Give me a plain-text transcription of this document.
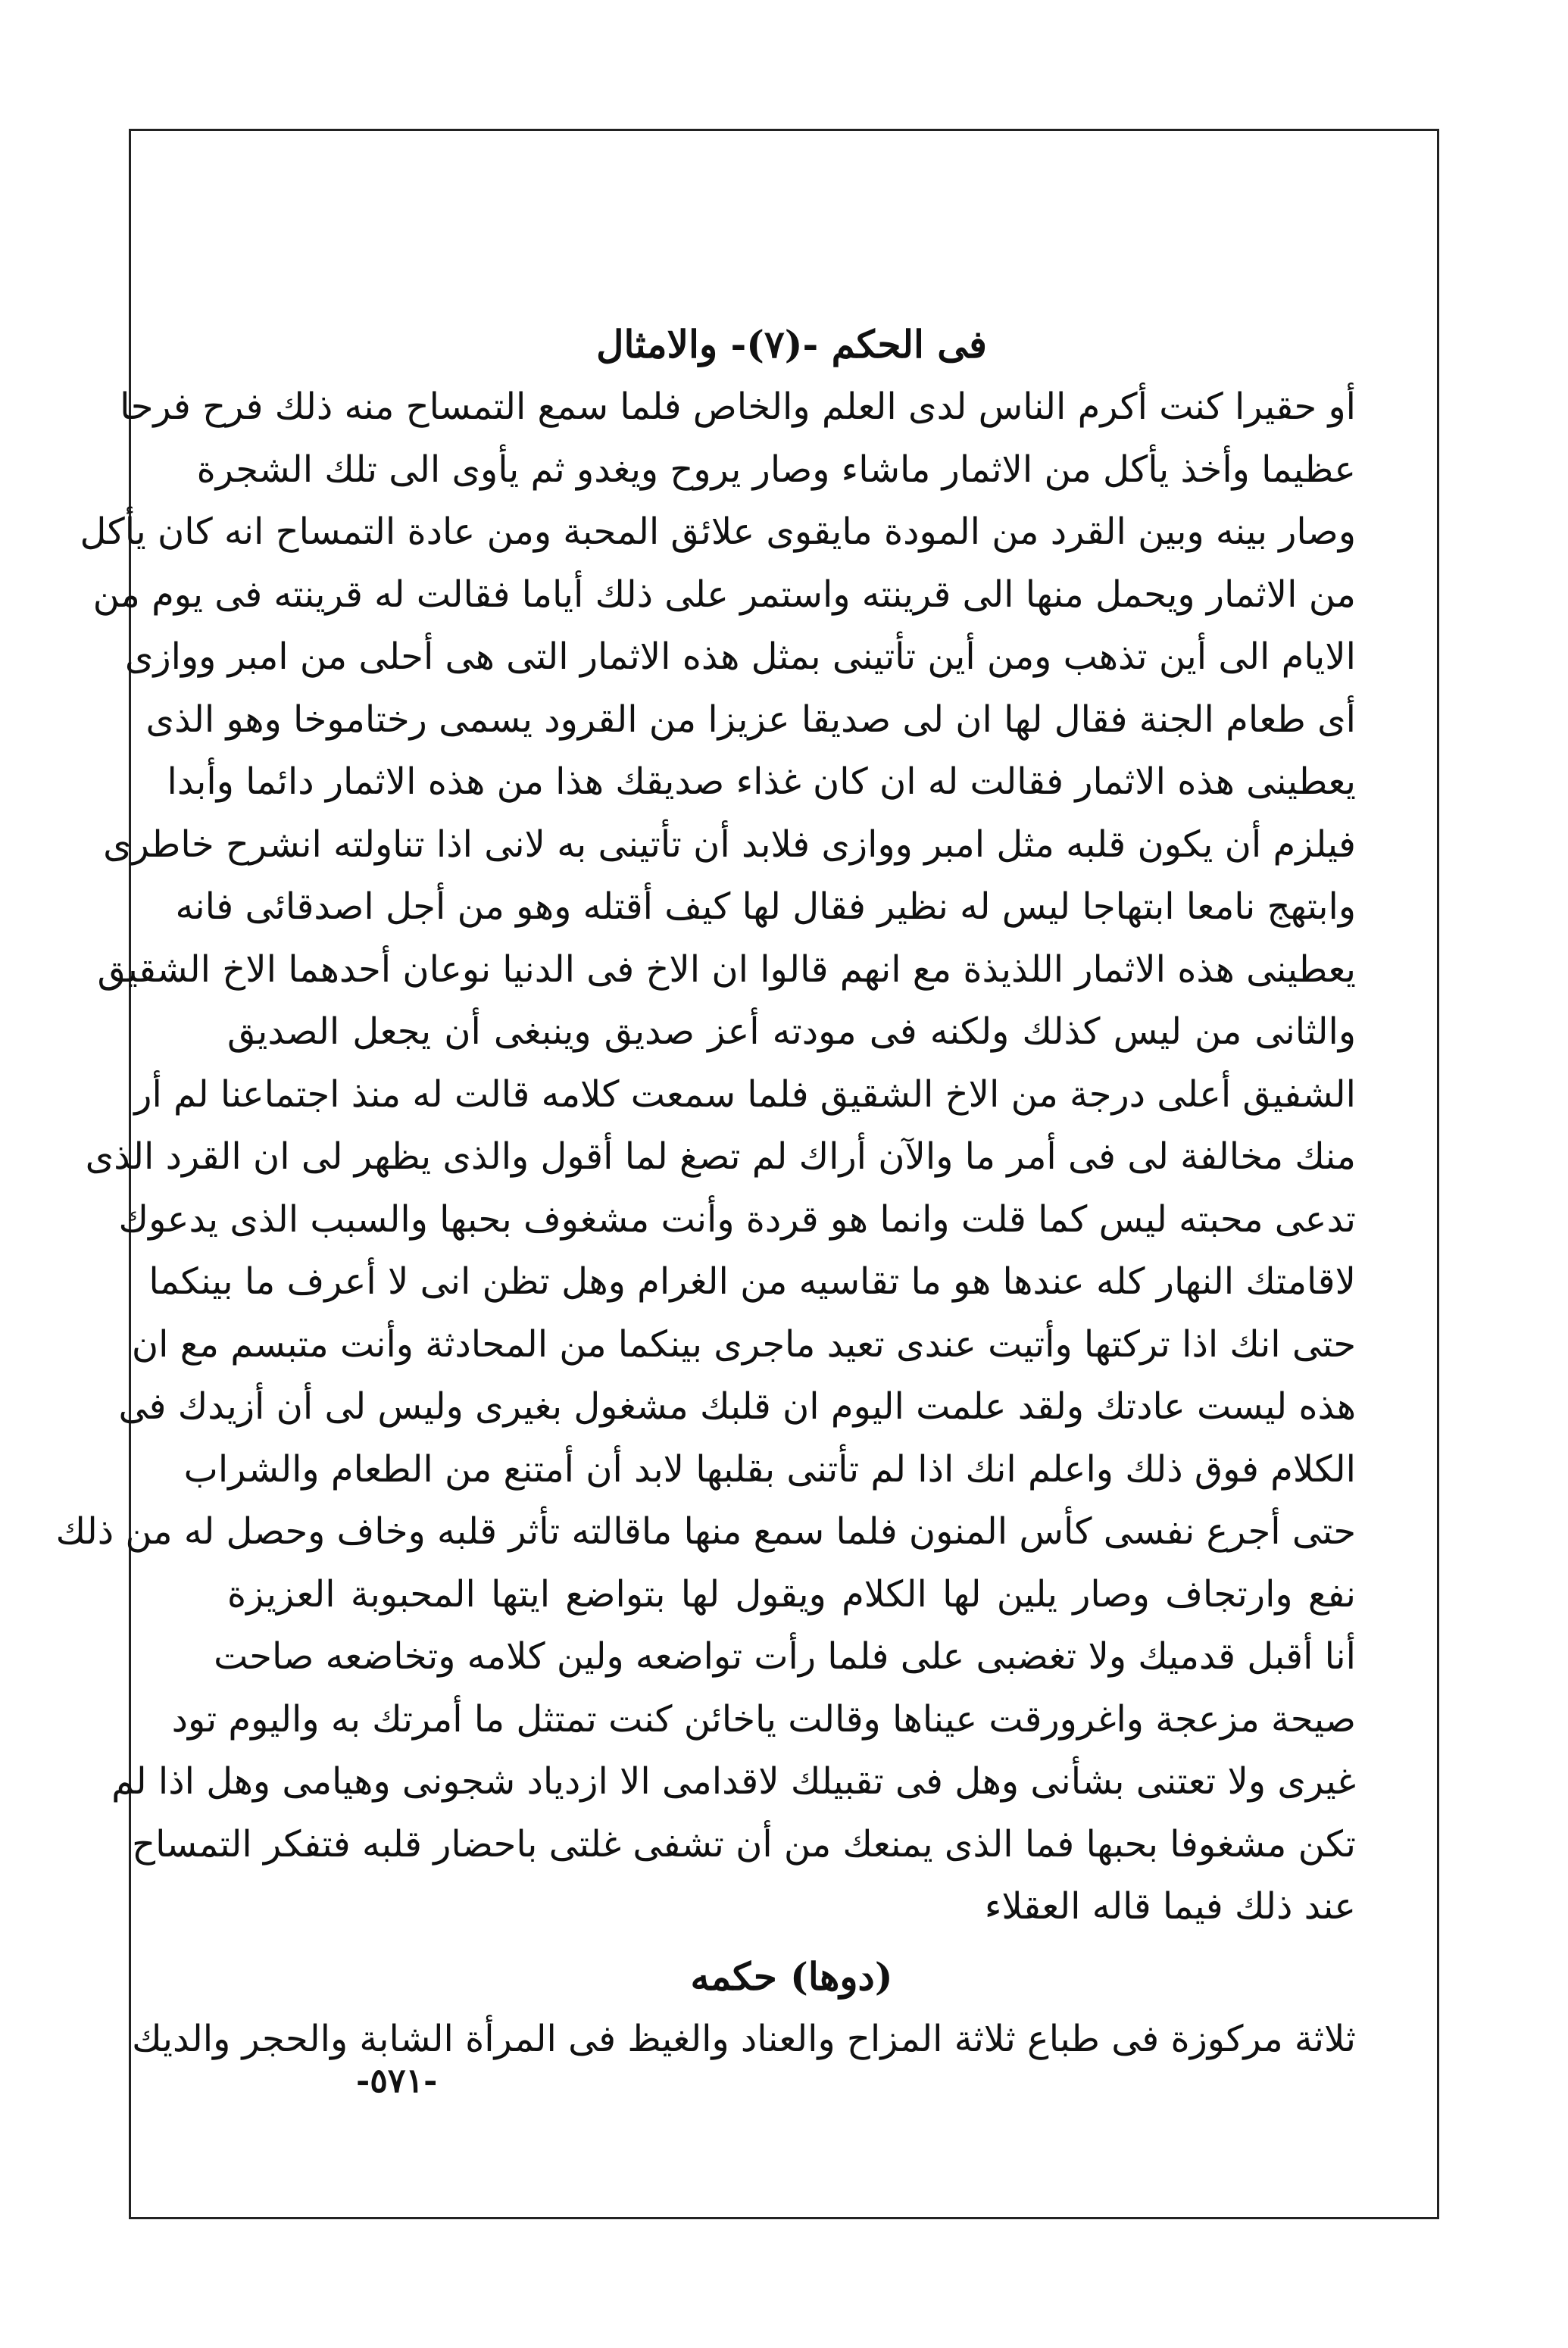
فى الحكم -(٧)- والامثال
أو حقيرا كنت أكرم الناس لدى العلم والخاص فلما سمع التمساح منه ذلك فرح فرحا
عظيما وأخذ يأكل من الاثمار ماشاء وصار يروح ويغدو ثم يأوى الى تلك الشجرة
وصار بينه وبين القرد من المودة مايقوى علائق المحبة ومن عادة التمساح انه كان يأكل
من الاثمار ويحمل منها الى قرينته واستمر على ذلك أياما فقالت له قرينته فى يوم من
الايام الى أين تذهب ومن أين تأتينى بمثل هذه الاثمار التى هى أحلى من امبر ووازى
أى طعام الجنة فقال لها ان لى صديقا عزيزا من القرود يسمى رختاموخا وهو الذى
يعطينى هذه الاثمار فقالت له ان كان غذاء صديقك هذا من هذه الاثمار دائما وأبدا
فيلزم أن يكون قلبه مثل امبر ووازى فلابد أن تأتينى به لانى اذا تناولته انشرح خاطرى
وابتهج نامعا ابتهاجا ليس له نظير فقال لها كيف أقتله وهو من أجل اصدقائى فانه
يعطينى هذه الاثمار اللذيذة مع انهم قالوا ان الاخ فى الدنيا نوعان أحدهما الاخ الشقيق
والثانى من ليس كذلك ولكنه فى مودته أعز صديق وينبغى أن يجعل الصديق
الشفيق أعلى درجة من الاخ الشقيق فلما سمعت كلامه قالت له منذ اجتماعنا لم أر
منك مخالفة لى فى أمر ما والآن أراك لم تصغ لما أقول والذى يظهر لى ان القرد الذى
تدعى محبته ليس كما قلت وانما هو قردة وأنت مشغوف بحبها والسبب الذى يدعوك
لاقامتك النهار كله عندها هو ما تقاسيه من الغرام وهل تظن انى لا أعرف ما بينكما
حتى انك اذا تركتها وأتيت عندى تعيد ماجرى بينكما من المحادثة وأنت متبسم مع ان
هذه ليست عادتك ولقد علمت اليوم ان قلبك مشغول بغيرى وليس لى أن أزيدك فى
الكلام فوق ذلك واعلم انك اذا لم تأتنى بقلبها لابد أن أمتنع من الطعام والشراب
حتى أجرع نفسى كأس المنون فلما سمع منها ماقالته تأثر قلبه وخاف وحصل له من ذلك
نفع وارتجاف وصار يلين لها الكلام ويقول لها بتواضع ايتها المحبوبة العزيزة
أنا أقبل قدميك ولا تغضبى على فلما رأت تواضعه ولين كلامه وتخاضعه صاحت
صيحة مزعجة واغرورقت عيناها وقالت ياخائن كنت تمتثل ما أمرتك به واليوم تود
غيرى ولا تعتنى بشأنى وهل فى تقبيلك لاقدامى الا ازدياد شجونى وهيامى وهل اذا لم
تكن مشغوفا بحبها فما الذى يمنعك من أن تشفى غلتى باحضار قلبه فتفكر التمساح
عند ذلك فيما قاله العقلاء
(دوها) حكمه
ثلاثة مركوزة فى طباع ثلاثة المزاح والعناد والغيظ فى المرأة الشابة والحجر والديك
-٥٧١-
